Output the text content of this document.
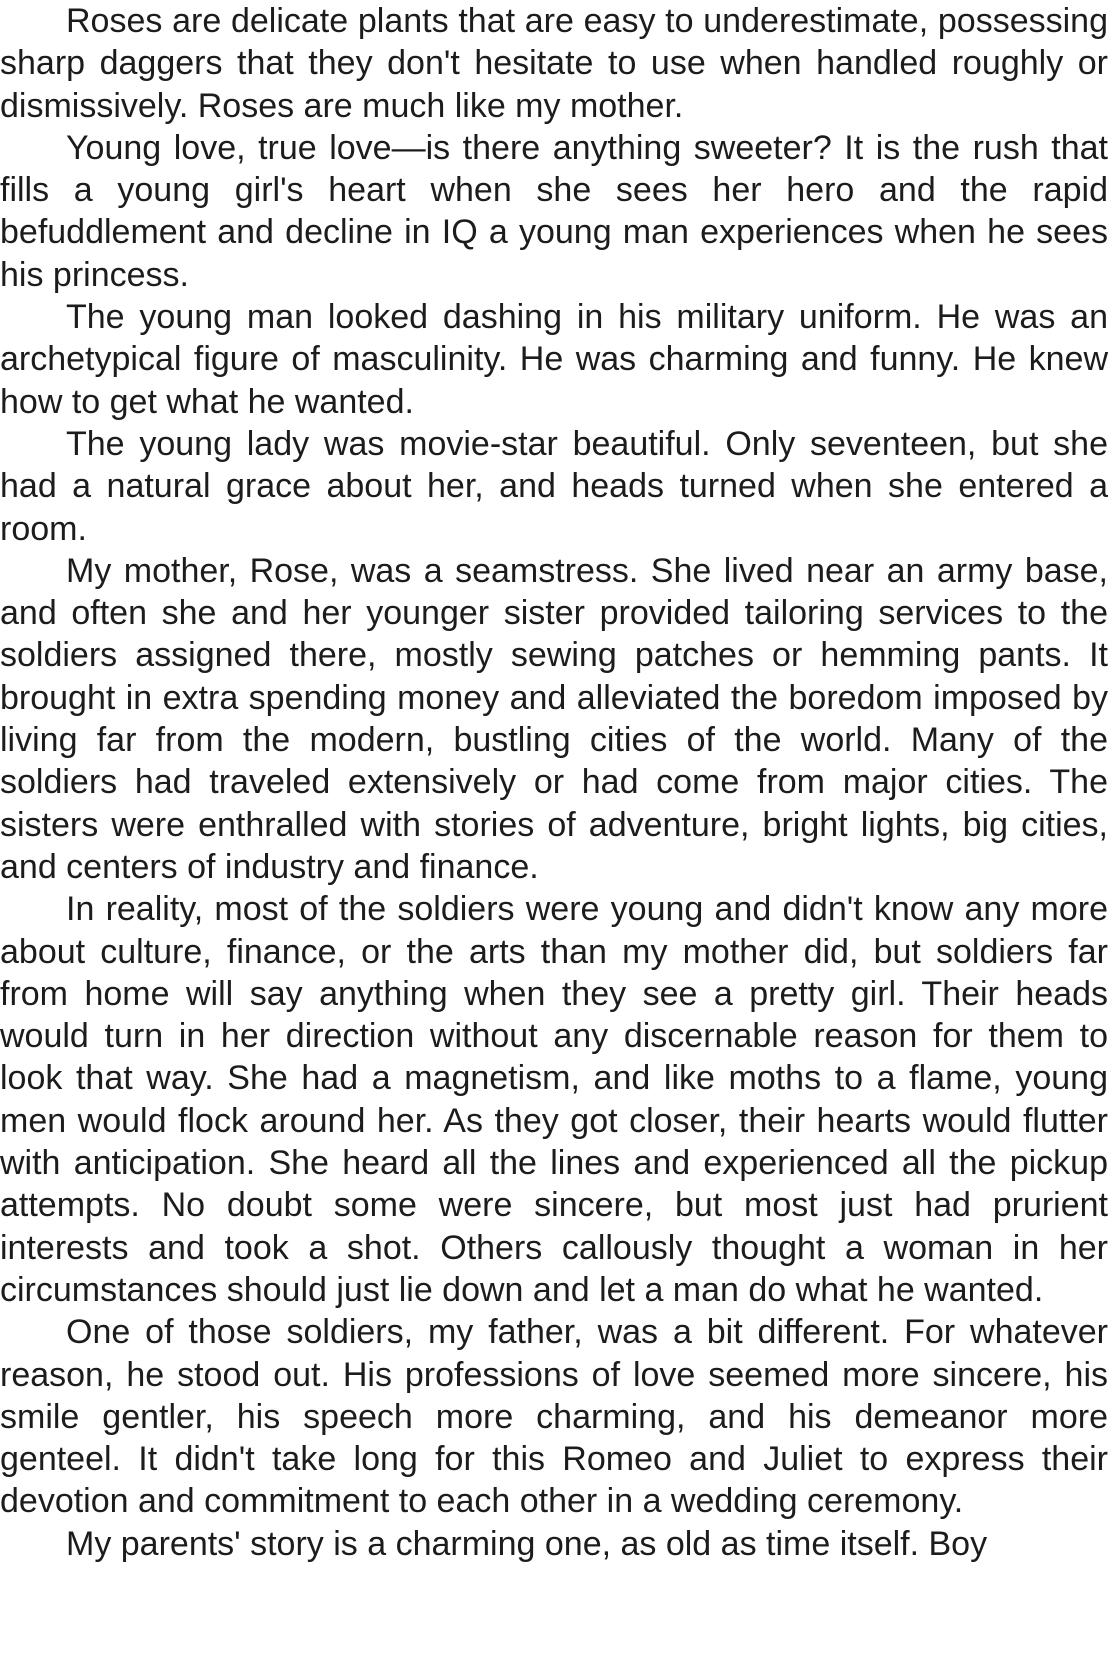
Roses are delicate plants that are easy to underestimate, possessing sharp daggers that they don't hesitate to use when handled roughly or dismissively. Roses are much like my mother.

Young love, true love—is there anything sweeter? It is the rush that fills a young girl's heart when she sees her hero and the rapid befuddlement and decline in IQ a young man experiences when he sees his princess.

The young man looked dashing in his military uniform. He was an archetypical figure of masculinity. He was charming and funny. He knew how to get what he wanted.

The young lady was movie-star beautiful. Only seventeen, but she had a natural grace about her, and heads turned when she entered a room.

My mother, Rose, was a seamstress. She lived near an army base, and often she and her younger sister provided tailoring services to the soldiers assigned there, mostly sewing patches or hemming pants. It brought in extra spending money and alleviated the boredom imposed by living far from the modern, bustling cities of the world. Many of the soldiers had traveled extensively or had come from major cities. The sisters were enthralled with stories of adventure, bright lights, big cities, and centers of industry and finance.

In reality, most of the soldiers were young and didn't know any more about culture, finance, or the arts than my mother did, but soldiers far from home will say anything when they see a pretty girl. Their heads would turn in her direction without any discernable reason for them to look that way. She had a magnetism, and like moths to a flame, young men would flock around her. As they got closer, their hearts would flutter with anticipation. She heard all the lines and experienced all the pickup attempts. No doubt some were sincere, but most just had prurient interests and took a shot. Others callously thought a woman in her circumstances should just lie down and let a man do what he wanted.

One of those soldiers, my father, was a bit different. For whatever reason, he stood out. His professions of love seemed more sincere, his smile gentler, his speech more charming, and his demeanor more genteel. It didn't take long for this Romeo and Juliet to express their devotion and commitment to each other in a wedding ceremony.

My parents' story is a charming one, as old as time itself. Boy
